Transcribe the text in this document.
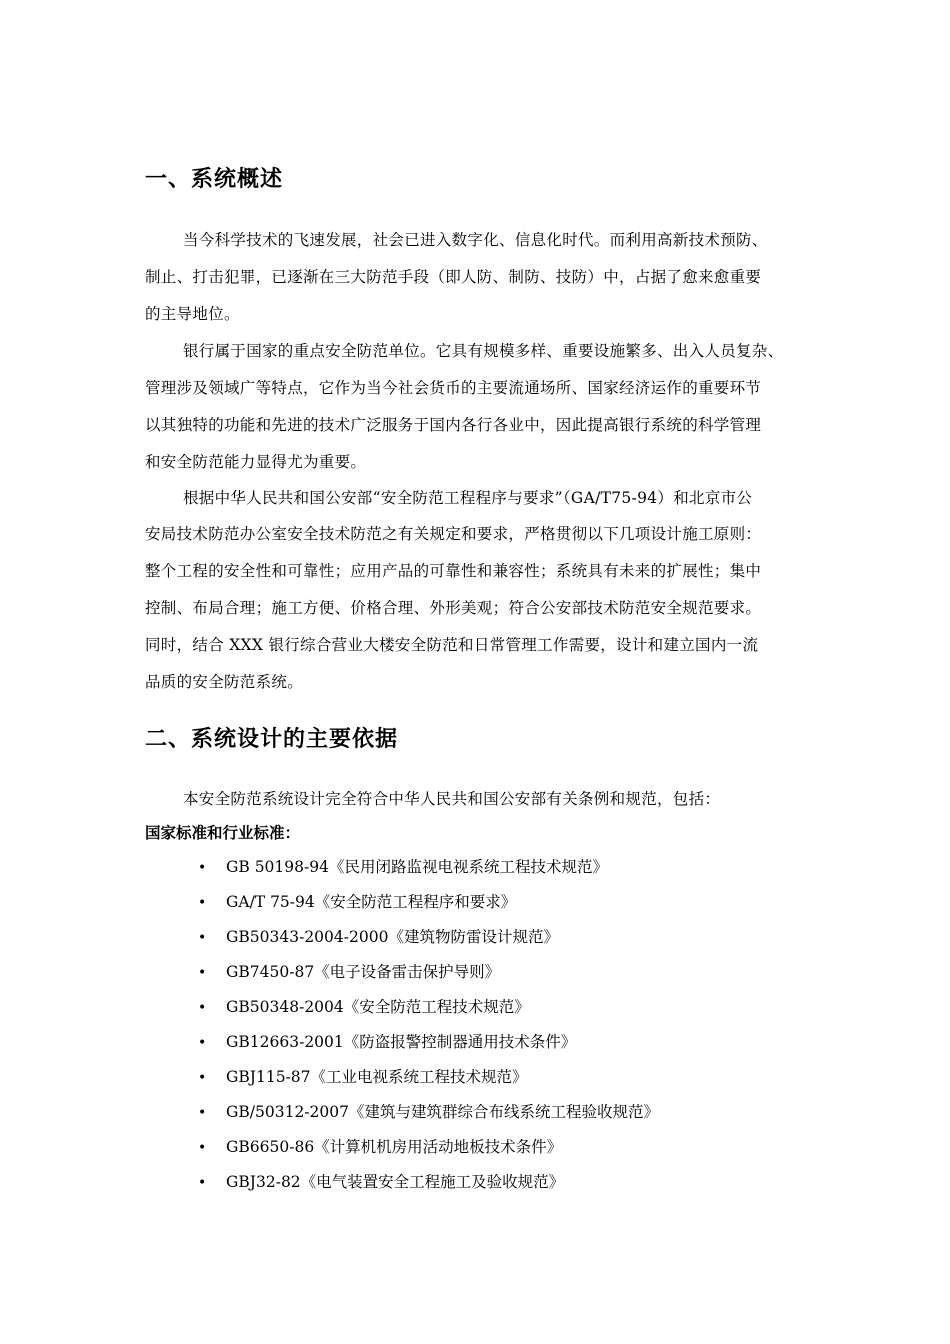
一、系统概述
当今科学技术的飞速发展，社会已进入数字化、信息化时代。而利用高新技术预防、
制止、打击犯罪，已逐渐在三大防范手段（即人防、制防、技防）中，占据了愈来愈重要
的主导地位。
银行属于国家的重点安全防范单位。它具有规模多样、重要设施繁多、出入人员复杂、
管理涉及领域广等特点，它作为当今社会货币的主要流通场所、国家经济运作的重要环节
以其独特的功能和先进的技术广泛服务于国内各行各业中，因此提高银行系统的科学管理
和安全防范能力显得尤为重要。
根据中华人民共和国公安部“安全防范工程程序与要求”（GA/T75-94）和北京市公
安局技术防范办公室安全技术防范之有关规定和要求，严格贯彻以下几项设计施工原则：
整个工程的安全性和可靠性；应用产品的可靠性和兼容性；系统具有未来的扩展性；集中
控制、布局合理；施工方便、价格合理、外形美观；符合公安部技术防范安全规范要求。
同时，结合 XXX 银行综合营业大楼安全防范和日常管理工作需要，设计和建立国内一流
品质的安全防范系统。
二、系统设计的主要依据
本安全防范系统设计完全符合中华人民共和国公安部有关条例和规范，包括：
国家标准和行业标准：
• GB 50198-94《民用闭路监视电视系统工程技术规范》
• GA/T 75-94《安全防范工程程序和要求》
• GB50343-2004-2000《建筑物防雷设计规范》
• GB7450-87《电子设备雷击保护导则》
• GB50348-2004《安全防范工程技术规范》
• GB12663-2001《防盗报警控制器通用技术条件》
• GBJ115-87《工业电视系统工程技术规范》
• GB/50312-2007《建筑与建筑群综合布线系统工程验收规范》
• GB6650-86《计算机机房用活动地板技术条件》
• GBJ32-82《电气装置安全工程施工及验收规范》
